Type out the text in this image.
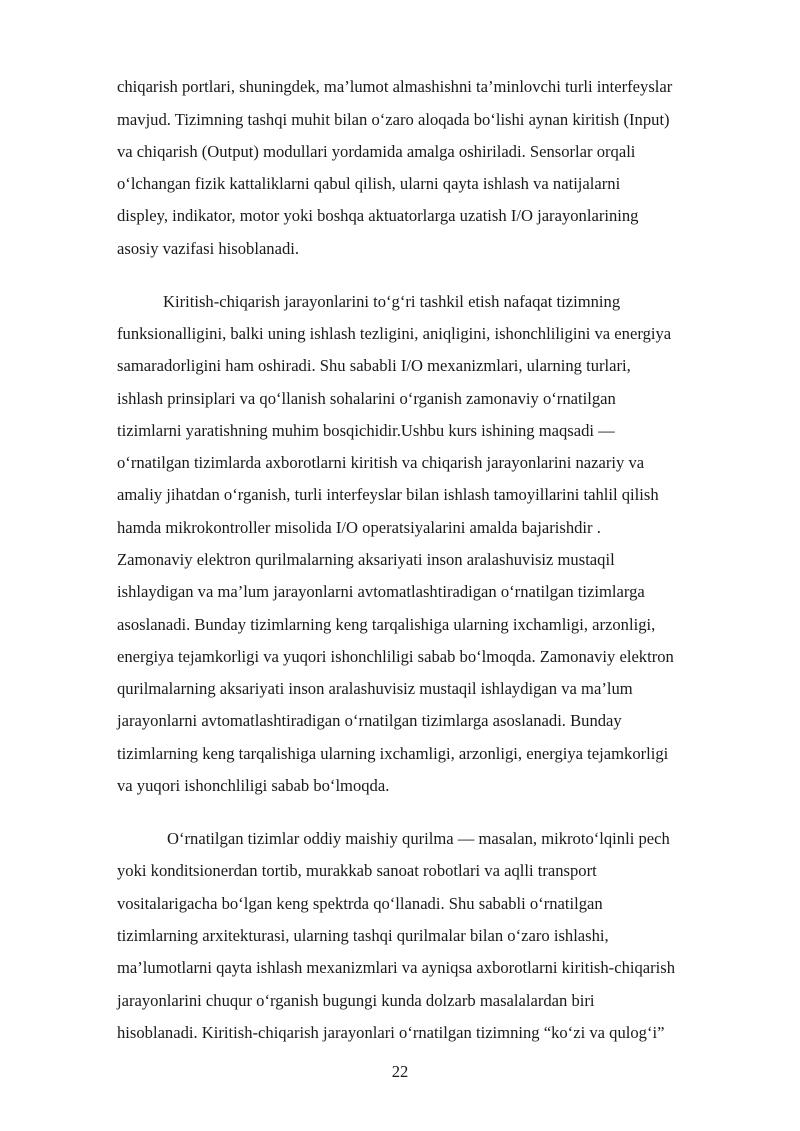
chiqarish portlari, shuningdek, ma’lumot almashishni ta’minlovchi turli interfeyslar

mavjud. Tizimning tashqi muhit bilan o‘zaro aloqada bo‘lishi aynan kiritish (Input)

va chiqarish (Output) modullari yordamida amalga oshiriladi. Sensorlar orqali

o‘lchangan fizik kattaliklarni qabul qilish, ularni qayta ishlash va natijalarni

displey, indikator, motor yoki boshqa aktuatorlarga uzatish I/O jarayonlarining

asosiy vazifasi hisoblanadi.

Kiritish-chiqarish jarayonlarini to‘g‘ri tashkil etish nafaqat tizimning

funksionalligini, balki uning ishlash tezligini, aniqligini, ishonchliligini va energiya

samaradorligini ham oshiradi. Shu sababli I/O mexanizmlari, ularning turlari,

ishlash prinsiplari va qo‘llanish sohalarini o‘rganish zamonaviy o‘rnatilgan

tizimlarni yaratishning muhim bosqichidir.Ushbu kurs ishining maqsadi —

o‘rnatilgan tizimlarda axborotlarni kiritish va chiqarish jarayonlarini nazariy va

amaliy jihatdan o‘rganish, turli interfeyslar bilan ishlash tamoyillarini tahlil qilish

hamda mikrokontroller misolida I/O operatsiyalarini amalda bajarishdir .

Zamonaviy elektron qurilmalarning aksariyati inson aralashuvisiz mustaqil

ishlaydigan va ma’lum jarayonlarni avtomatlashtiradigan o‘rnatilgan tizimlarga

asoslanadi. Bunday tizimlarning keng tarqalishiga ularning ixchamligi, arzonligi,

energiya tejamkorligi va yuqori ishonchliligi sabab bo‘lmoqda. Zamonaviy elektron

qurilmalarning aksariyati inson aralashuvisiz mustaqil ishlaydigan va ma’lum

jarayonlarni avtomatlashtiradigan o‘rnatilgan tizimlarga asoslanadi. Bunday

tizimlarning keng tarqalishiga ularning ixchamligi, arzonligi, energiya tejamkorligi

va yuqori ishonchliligi sabab bo‘lmoqda.

O‘rnatilgan tizimlar oddiy maishiy qurilma — masalan, mikroto‘lqinli pech

yoki konditsionerdan tortib, murakkab sanoat robotlari va aqlli transport

vositalarigacha bo‘lgan keng spektrda qo‘llanadi. Shu sababli o‘rnatilgan

tizimlarning arxitekturasi, ularning tashqi qurilmalar bilan o‘zaro ishlashi,

ma’lumotlarni qayta ishlash mexanizmlari va ayniqsa axborotlarni kiritish-chiqarish

jarayonlarini chuqur o‘rganish bugungi kunda dolzarb masalalardan biri

hisoblanadi. Kiritish-chiqarish jarayonlari o‘rnatilgan tizimning “ko‘zi va qulog‘i”

22
